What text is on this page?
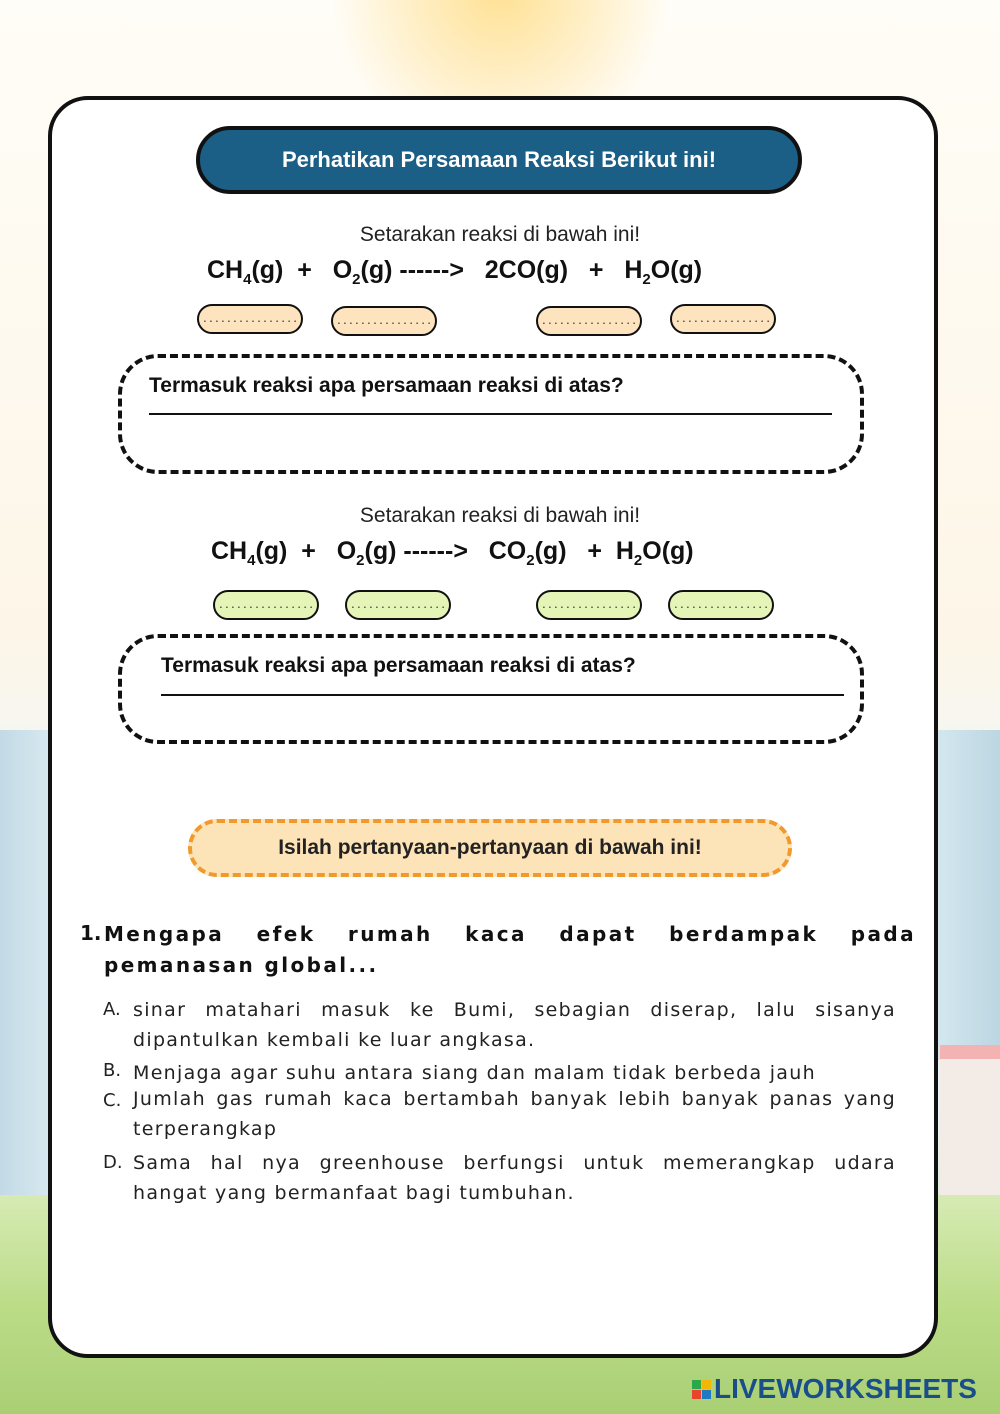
Perhatikan Persamaan Reaksi Berikut ini!
Setarakan reaksi di bawah ini!
$CH_4(g) + O_2(g)$ ------>   $2CO(g) + H_2O(g)$
................	................	................	................
Termasuk reaksi apa persamaan reaksi di atas?
Setarakan reaksi di bawah ini!
$CH_4(g) + O_2(g)$ ------>   $CO_2(g) + H_2O(g)$
................	................	................	................
Termasuk reaksi apa persamaan reaksi di atas?
Isilah pertanyaan-pertanyaan di bawah ini!
1. Mengapa efek rumah kaca dapat berdampak pada pemanasan global...
A. sinar matahari masuk ke Bumi, sebagian diserap, lalu sisanya dipantulkan kembali ke luar angkasa.
B. Menjaga agar suhu antara siang dan malam tidak berbeda jauh
C. Jumlah gas rumah kaca bertambah banyak lebih banyak panas yang terperangkap
D. Sama hal nya greenhouse berfungsi untuk memerangkap udara hangat yang bermanfaat bagi tumbuhan.
LIVEWORKSHEETS
